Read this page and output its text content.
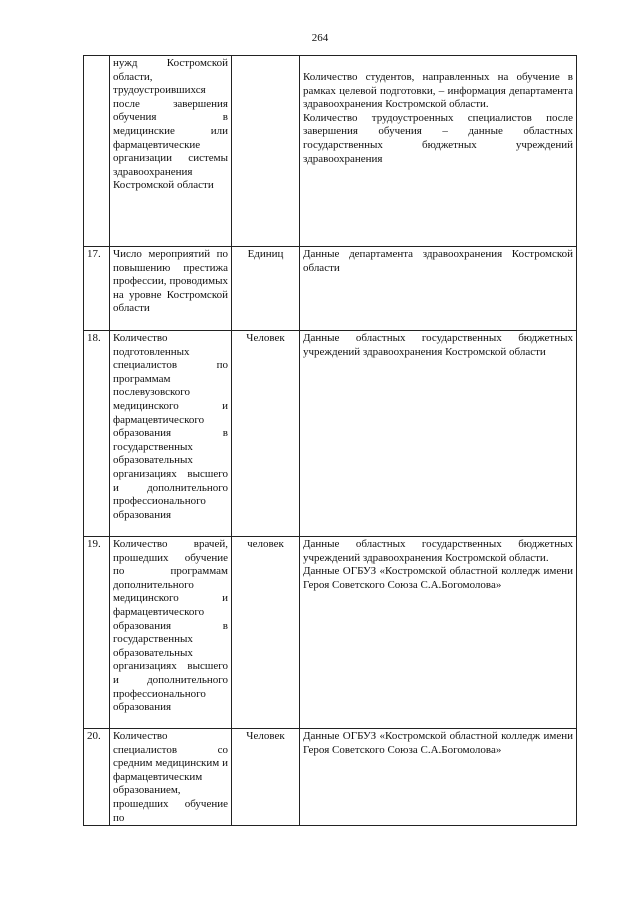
264
	нужд Костромской области, трудоустроившихся после завершения обучения в медицинские или фармацевтические организации системы здравоохранения Костромской области		Количество студентов, направленных на обучение в рамках целевой подготовки, – информация департамента здравоохранения Костромской области.

Количество трудоустроенных специалистов после завершения обучения – данные областных государственных бюджетных учреждений здравоохранения

17.	Число мероприятий по повышению престижа профессии, проводимых на уровне Костромской области	Единиц	Данные департамента здравоохранения Костромской области

18.	Количество подготовленных специалистов по программам послевузовского медицинского и фармацевтического образования в государственных образовательных организациях высшего и дополнительного профессионального образования	Человек	Данные областных государственных бюджетных учреждений здравоохранения Костромской области

19.	Количество врачей, прошедших обучение по программам дополнительного медицинского и фармацевтического образования в государственных образовательных организациях высшего и дополнительного профессионального образования	человек	Данные областных государственных бюджетных учреждений здравоохранения Костромской области.

Данные ОГБУЗ «Костромской областной колледж имени Героя Советского Союза С.А.Богомолова»

20.	Количество специалистов со средним медицинским и фармацевтическим образованием, прошедших обучение по	Человек	Данные ОГБУЗ «Костромской областной колледж имени Героя Советского Союза С.А.Богомолова»
